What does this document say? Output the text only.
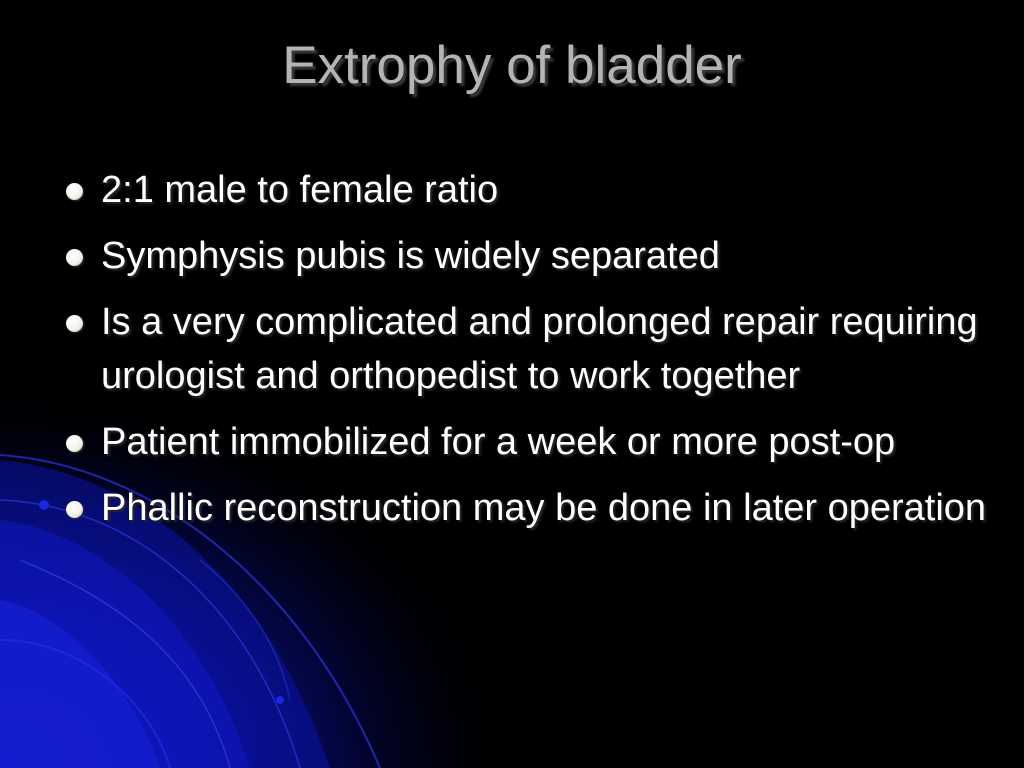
Extrophy of bladder
2:1 male to female ratio
Symphysis pubis is widely separated
Is a very complicated and prolonged repair requiring urologist and orthopedist to work together
Patient immobilized for a week or more post-op
Phallic reconstruction may be done in later operation
